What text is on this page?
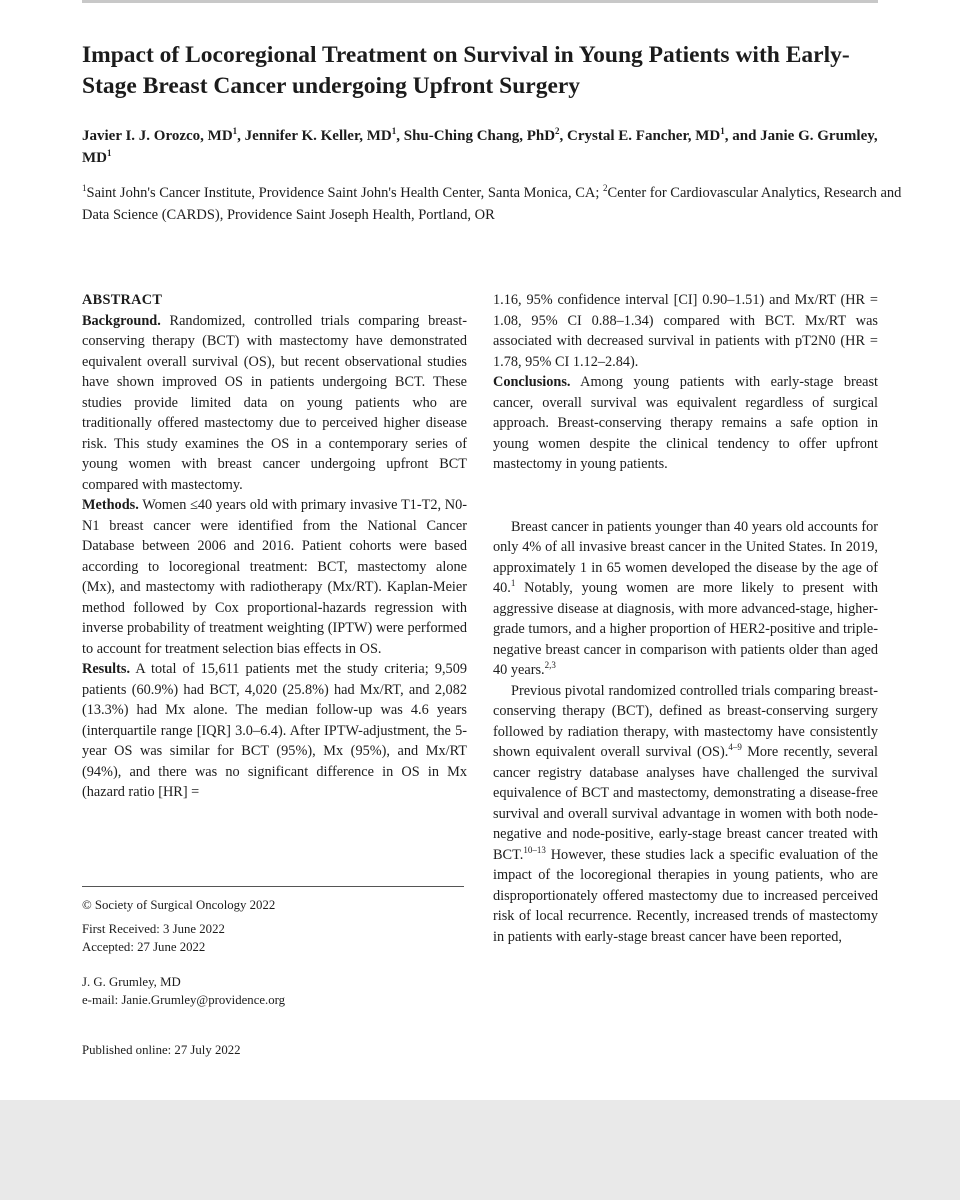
Impact of Locoregional Treatment on Survival in Young Patients with Early-Stage Breast Cancer undergoing Upfront Surgery
Javier I. J. Orozco, $MD^1$, Jennifer K. Keller, $MD^1$, Shu-Ching Chang, PhD$^2$, Crystal E. Fancher, $MD^1$, and Janie G. Grumley, $MD^1$
$^1$Saint John's Cancer Institute, Providence Saint John's Health Center, Santa Monica, CA; $^2$Center for Cardiovascular Analytics, Research and Data Science (CARDS), Providence Saint Joseph Health, Portland, OR

ABSTRACT

Background. Randomized, controlled trials comparing breast-conserving therapy (BCT) with mastectomy have demonstrated equivalent overall survival (OS), but recent observational studies have shown improved OS in patients undergoing BCT. These studies provide limited data on young patients who are traditionally offered mastectomy due to perceived higher disease risk. This study examines the OS in a contemporary series of young women with breast cancer undergoing upfront BCT compared with mastectomy.

Methods. Women ≤40 years old with primary invasive T1-T2, N0-N1 breast cancer were identified from the National Cancer Database between 2006 and 2016. Patient cohorts were based according to locoregional treatment: BCT, mastectomy alone (Mx), and mastectomy with radiotherapy (Mx/RT). Kaplan-Meier method followed by Cox proportional-hazards regression with inverse probability of treatment weighting (IPTW) were performed to account for treatment selection bias effects in OS.

Results. A total of 15,611 patients met the study criteria; 9,509 patients (60.9%) had BCT, 4,020 (25.8%) had Mx/RT, and 2,082 (13.3%) had Mx alone. The median follow-up was 4.6 years (interquartile range [IQR] 3.0–6.4). After IPTW-adjustment, the 5-year OS was similar for BCT (95%), Mx (95%), and Mx/RT (94%), and there was no significant difference in OS in Mx (hazard ratio [HR] =

1.16, 95% confidence interval [CI] 0.90–1.51) and Mx/RT (HR = 1.08, 95% CI 0.88–1.34) compared with BCT. Mx/RT was associated with decreased survival in patients with pT2N0 (HR = 1.78, 95% CI 1.12–2.84).

Conclusions. Among young patients with early-stage breast cancer, overall survival was equivalent regardless of surgical approach. Breast-conserving therapy remains a safe option in young women despite the clinical tendency to offer upfront mastectomy in young patients.

Breast cancer in patients younger than 40 years old accounts for only 4% of all invasive breast cancer in the United States. In 2019, approximately 1 in 65 women developed the disease by the age of 40.$^1$ Notably, young women are more likely to present with aggressive disease at diagnosis, with more advanced-stage, higher-grade tumors, and a higher proportion of HER2-positive and triple-negative breast cancer in comparison with patients older than aged 40 years.$^{2,3}$

Previous pivotal randomized controlled trials comparing breast-conserving therapy (BCT), defined as breast-conserving surgery followed by radiation therapy, with mastectomy have consistently shown equivalent overall survival (OS).$^{4-9}$ More recently, several cancer registry database analyses have challenged the survival equivalence of BCT and mastectomy, demonstrating a disease-free survival and overall survival advantage in women with both node-negative and node-positive, early-stage breast cancer treated with BCT.$^{10-13}$ However, these studies lack a specific evaluation of the impact of the locoregional therapies in young patients, who are disproportionately offered mastectomy due to increased perceived risk of local recurrence. Recently, increased trends of mastectomy in patients with early-stage breast cancer have been reported,

© Society of Surgical Oncology 2022
First Received: 3 June 2022
Accepted: 27 June 2022
J. G. Grumley, MD
e-mail: Janie.Grumley@providence.org
Published online: 27 July 2022
